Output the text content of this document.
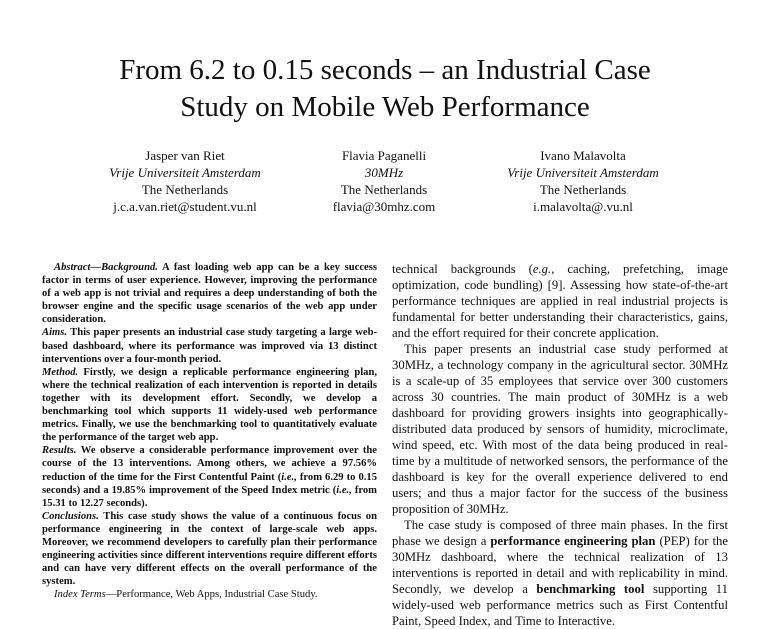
From 6.2 to 0.15 seconds – an Industrial Case
Study on Mobile Web Performance
Jasper van Riet
Vrije Universiteit Amsterdam
The Netherlands
j.c.a.van.riet@student.vu.nl
Flavia Paganelli
30MHz
The Netherlands
flavia@30mhz.com
Ivano Malavolta
Vrije Universiteit Amsterdam
The Netherlands
i.malavolta@.vu.nl

Abstract—Background. A fast loading web app can be a key success factor in terms of user experience. However, improving the performance of a web app is not trivial and requires a deep understanding of both the browser engine and the specific usage scenarios of the web app under consideration.

Aims. This paper presents an industrial case study targeting a large web-based dashboard, where its performance was improved via 13 distinct interventions over a four-month period.

Method. Firstly, we design a replicable performance engineering plan, where the technical realization of each intervention is reported in details together with its development effort. Secondly, we develop a benchmarking tool which supports 11 widely-used web performance metrics. Finally, we use the benchmarking tool to quantitatively evaluate the performance of the target web app.

Results. We observe a considerable performance improvement over the course of the 13 interventions. Among others, we achieve a 97.56% reduction of the time for the First Contentful Paint (i.e., from 6.29 to 0.15 seconds) and a 19.85% improvement of the Speed Index metric (i.e., from 15.31 to 12.27 seconds).

Conclusions. This case study shows the value of a continuous focus on performance engineering in the context of large-scale web apps. Moreover, we recommend developers to carefully plan their performance engineering activities since different interventions require different efforts and can have very different effects on the overall performance of the system.

Index Terms—Performance, Web Apps, Industrial Case Study.

technical backgrounds (e.g., caching, prefetching, image optimization, code bundling) [9]. Assessing how state-of-the-art performance techniques are applied in real industrial projects is fundamental for better understanding their characteristics, gains, and the effort required for their concrete application.

This paper presents an industrial case study performed at 30MHz, a technology company in the agricultural sector. 30MHz is a scale-up of 35 employees that service over 300 customers across 30 countries. The main product of 30MHz is a web dashboard for providing growers insights into geographically-distributed data produced by sensors of humidity, microclimate, wind speed, etc. With most of the data being produced in real-time by a multitude of networked sensors, the performance of the dashboard is key for the overall experience delivered to end users; and thus a major factor for the success of the business proposition of 30MHz.

The case study is composed of three main phases. In the first phase we design a performance engineering plan (PEP) for the 30MHz dashboard, where the technical realization of 13 interventions is reported in detail and with replicability in mind. Secondly, we develop a benchmarking tool supporting 11 widely-used web performance metrics such as First Contentful Paint, Speed Index, and Time to Interactive.
